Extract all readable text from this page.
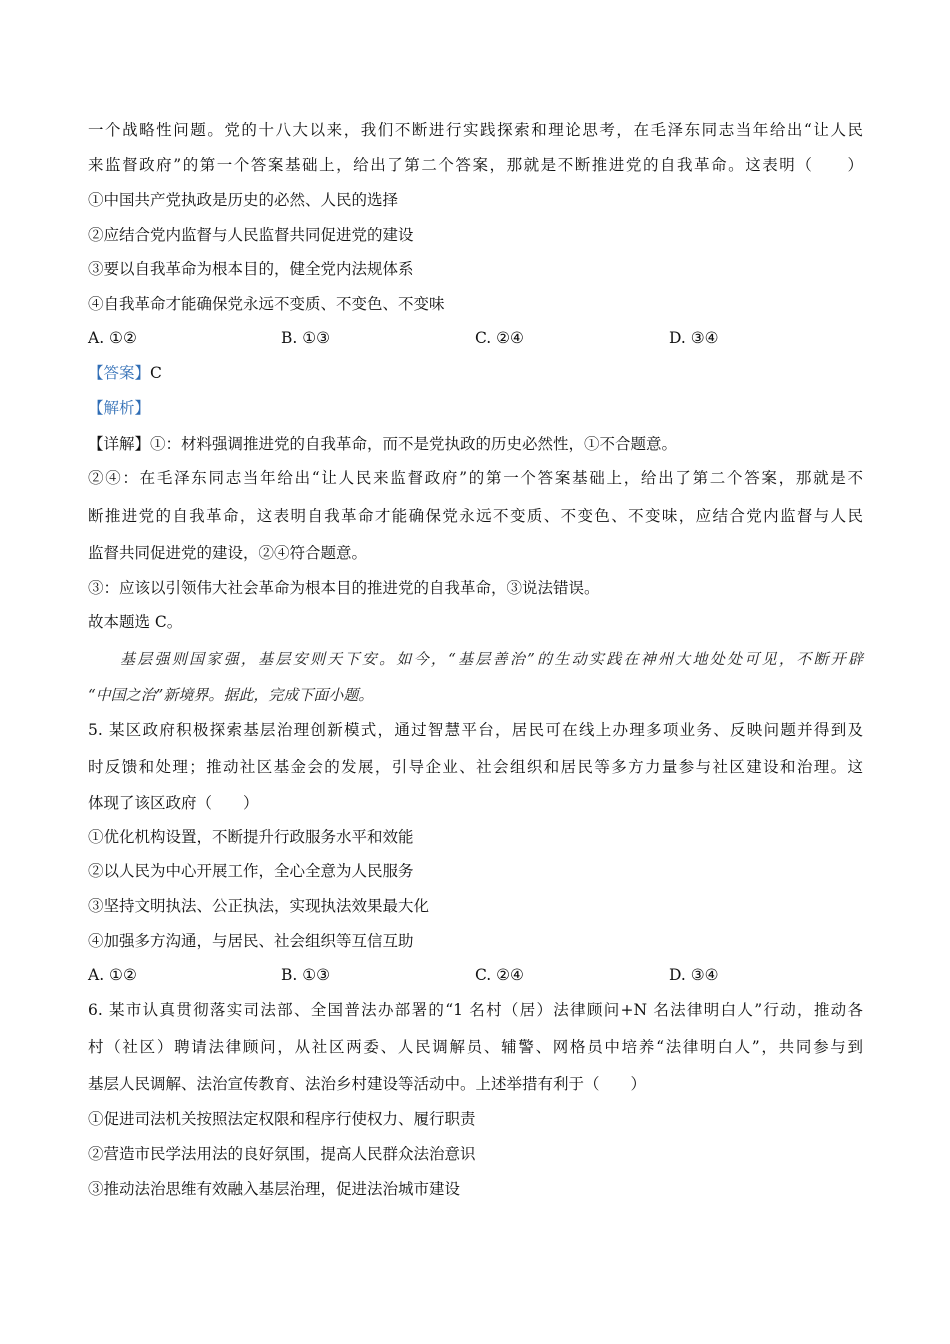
一个战略性问题。党的十八大以来，我们不断进行实践探索和理论思考，在毛泽东同志当年给出“让人民
来监督政府”的第一个答案基础上，给出了第二个答案，那就是不断推进党的自我革命。这表明（　　）
①中国共产党执政是历史的必然、人民的选择
②应结合党内监督与人民监督共同促进党的建设
③要以自我革命为根本目的，健全党内法规体系
④自我革命才能确保党永远不变质、不变色、不变味
A. ①②	B. ①③	C. ②④	D. ③④
【答案】C
【解析】
【详解】①：材料强调推进党的自我革命，而不是党执政的历史必然性，①不合题意。
②④：在毛泽东同志当年给出“让人民来监督政府”的第一个答案基础上，给出了第二个答案，那就是不
断推进党的自我革命，这表明自我革命才能确保党永远不变质、不变色、不变味，应结合党内监督与人民
监督共同促进党的建设，②④符合题意。
③：应该以引领伟大社会革命为根本目的推进党的自我革命，③说法错误。
故本题选 C。
基层强则国家强，基层安则天下安。如今，“基层善治”的生动实践在神州大地处处可见，不断开辟
“中国之治”新境界。据此，完成下面小题。
5. 某区政府积极探索基层治理创新模式，通过智慧平台，居民可在线上办理多项业务、反映问题并得到及
时反馈和处理；推动社区基金会的发展，引导企业、社会组织和居民等多方力量参与社区建设和治理。这
体现了该区政府（　　）
①优化机构设置，不断提升行政服务水平和效能
②以人民为中心开展工作，全心全意为人民服务
③坚持文明执法、公正执法，实现执法效果最大化
④加强多方沟通，与居民、社会组织等互信互助
A. ①②	B. ①③	C. ②④	D. ③④
6. 某市认真贯彻落实司法部、全国普法办部署的“1 名村（居）法律顾问+N 名法律明白人”行动，推动各
村（社区）聘请法律顾问，从社区两委、人民调解员、辅警、网格员中培养“法律明白人”，共同参与到
基层人民调解、法治宣传教育、法治乡村建设等活动中。上述举措有利于（　　）
①促进司法机关按照法定权限和程序行使权力、履行职责
②营造市民学法用法的良好氛围，提高人民群众法治意识
③推动法治思维有效融入基层治理，促进法治城市建设
